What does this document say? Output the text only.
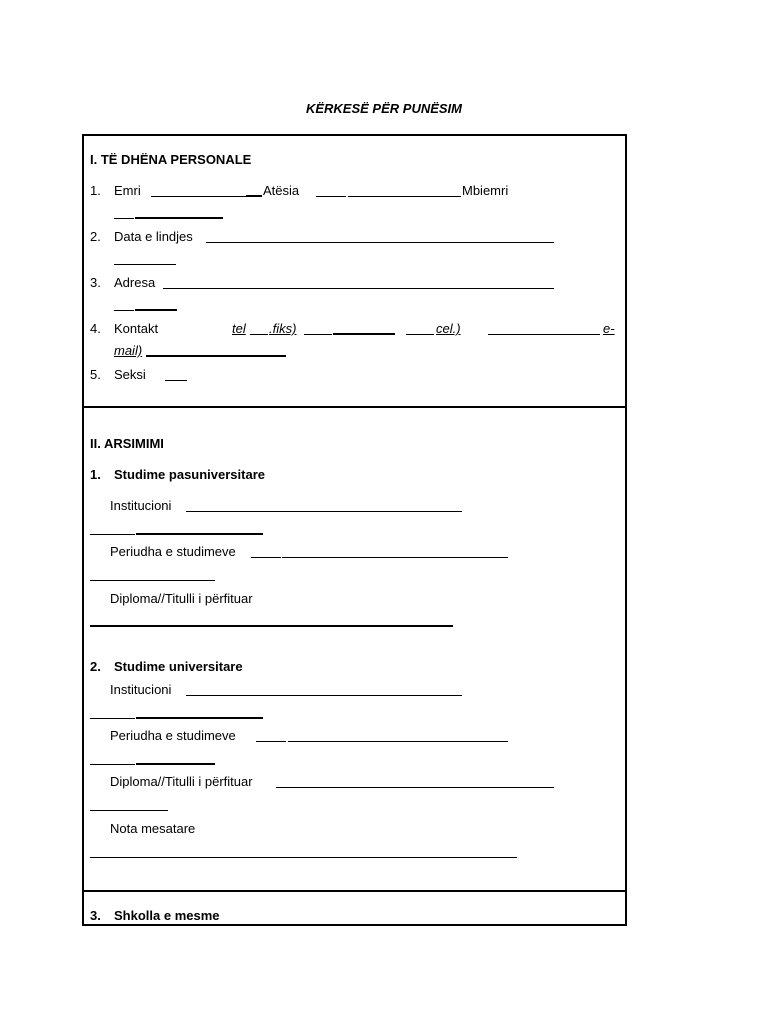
KËRKESË PËR PUNËSIM
I. TË DHËNA PERSONALE
1. Emri	Atësia	Mbiemri
2. Data e lindjes
3. Adresa
4. Kontakt	tel .fiks)	cel.)	e-
mail)
5. Seksi
II. ARSIMIMI
1. Studime pasuniversitare
Institucioni
Periudha e studimeve
Diploma//Titulli i përfituar
2. Studime universitare
Institucioni
Periudha e studimeve
Diploma//Titulli i përfituar
Nota mesatare
3. Shkolla e mesme
